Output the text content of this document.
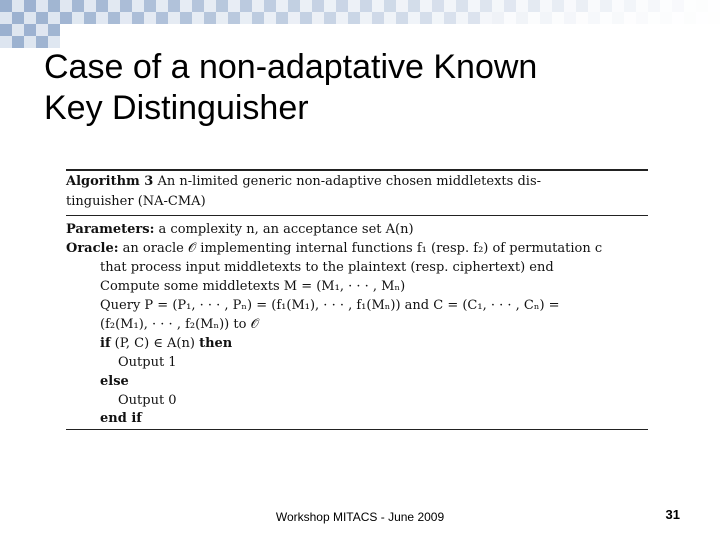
Case of a non-adaptative Known
Key Distinguisher
Algorithm 3 An n-limited generic non-adaptive chosen middletexts dis-
tinguisher (NA-CMA)
Parameters: a complexity n, an acceptance set A(n)
Oracle: an oracle 𝒪 implementing internal functions f₁ (resp. f₂) of permutation c
that process input middletexts to the plaintext (resp. ciphertext) end
Compute some middletexts M = (M₁, · · · , Mₙ)
Query P = (P₁, · · · , Pₙ) = (f₁(M₁), · · · , f₁(Mₙ)) and C = (C₁, · · · , Cₙ) =
(f₂(M₁), · · · , f₂(Mₙ)) to 𝒪
if (P, C) ∈ A(n) then
Output 1
else
Output 0
end if
Workshop MITACS - June 2009	31
